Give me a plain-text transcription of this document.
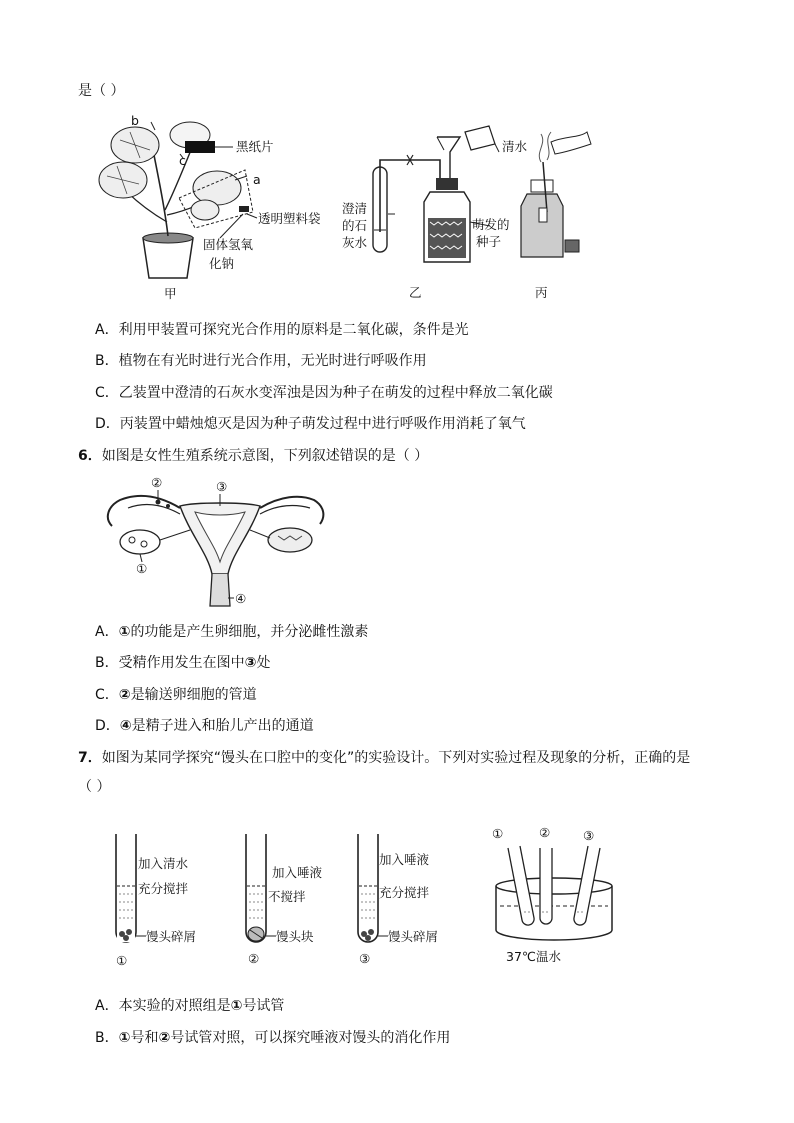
是（ ）
b
c
黑纸片
a
透明塑料袋
固体氢氧
化钠
甲
澄清
的石
灰水
萌发的
种子
乙
清水
丙
A．利用甲装置可探究光合作用的原料是二氧化碳，条件是光
B．植物在有光时进行光合作用，无光时进行呼吸作用
C．乙装置中澄清的石灰水变浑浊是因为种子在萌发的过程中释放二氧化碳
D．丙装置中蜡烛熄灭是因为种子萌发过程中进行呼吸作用消耗了氧气
6．如图是女性生殖系统示意图，下列叙述错误的是（ ）
②	③
①
④
A．①的功能是产生卵细胞，并分泌雌性激素
B．受精作用发生在图中③处
C．②是输送卵细胞的管道
D．④是精子进入和胎儿产出的通道
7．如图为某同学探究“馒头在口腔中的变化”的实验设计。下列对实验过程及现象的分析，正确的是
（ ）
加入清水
充分搅拌
馒头碎屑
①
加入唾液
不搅拌
馒头块
②
加入唾液
充分搅拌
馒头碎屑
③
①	②	③
37℃温水
A．本实验的对照组是①号试管
B．①号和②号试管对照，可以探究唾液对馒头的消化作用
